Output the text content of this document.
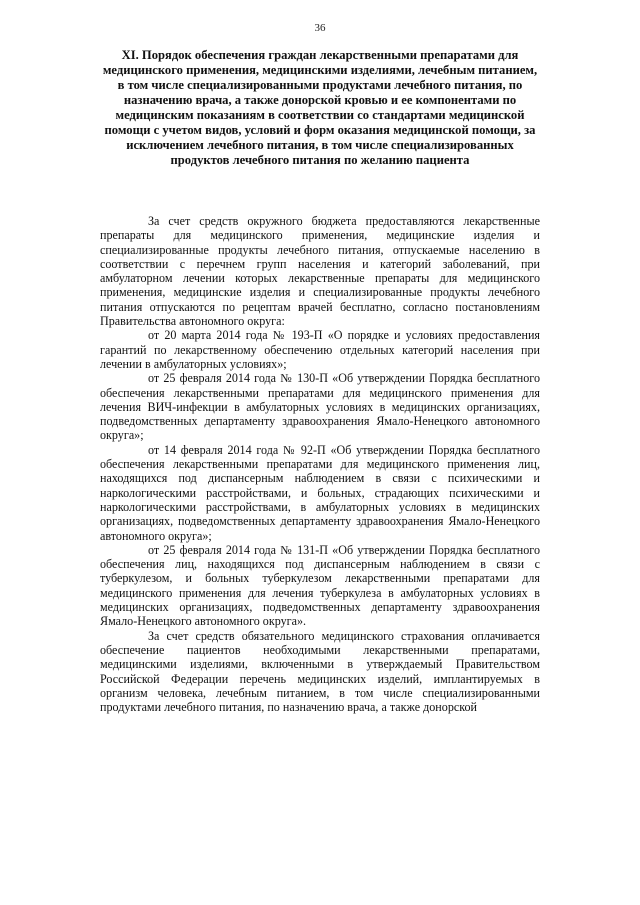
36
XI. Порядок обеспечения граждан лекарственными препаратами для медицинского применения, медицинскими изделиями, лечебным питанием, в том числе специализированными продуктами лечебного питания, по назначению врача, а также донорской кровью и ее компонентами по медицинским показаниям в соответствии со стандартами медицинской помощи с учетом видов, условий и форм оказания медицинской помощи, за исключением лечебного питания, в том числе специализированных продуктов лечебного питания по желанию пациента

За счет средств окружного бюджета предоставляются лекарственные препараты для медицинского применения, медицинские изделия и специализированные продукты лечебного питания, отпускаемые населению в соответствии с перечнем групп населения и категорий заболеваний, при амбулаторном лечении которых лекарственные препараты для медицинского применения, медицинские изделия и специализированные продукты лечебного питания отпускаются по рецептам врачей бесплатно, согласно постановлениям Правительства автономного округа:

от 20 марта 2014 года № 193-П «О порядке и условиях предоставления гарантий по лекарственному обеспечению отдельных категорий населения при лечении в амбулаторных условиях»;

от 25 февраля 2014 года № 130-П «Об утверждении Порядка бесплатного обеспечения лекарственными препаратами для медицинского применения для лечения ВИЧ-инфекции в амбулаторных условиях в медицинских организациях, подведомственных департаменту здравоохранения Ямало-Ненецкого автономного округа»;

от 14 февраля 2014 года № 92-П «Об утверждении Порядка бесплатного обеспечения лекарственными препаратами для медицинского применения лиц, находящихся под диспансерным наблюдением в связи с психическими и наркологическими расстройствами, и больных, страдающих психическими и наркологическими расстройствами, в амбулаторных условиях в медицинских организациях, подведомственных департаменту здравоохранения Ямало-Ненецкого автономного округа»;

от 25 февраля 2014 года № 131-П «Об утверждении Порядка бесплатного обеспечения лиц, находящихся под диспансерным наблюдением в связи с туберкулезом, и больных туберкулезом лекарственными препаратами для медицинского применения для лечения туберкулеза в амбулаторных условиях в медицинских организациях, подведомственных департаменту здравоохранения Ямало-Ненецкого автономного округа».

За счет средств обязательного медицинского страхования оплачивается обеспечение пациентов необходимыми лекарственными препаратами, медицинскими изделиями, включенными в утверждаемый Правительством Российской Федерации перечень медицинских изделий, имплантируемых в организм человека, лечебным питанием, в том числе специализированными продуктами лечебного питания, по назначению врача, а также донорской
